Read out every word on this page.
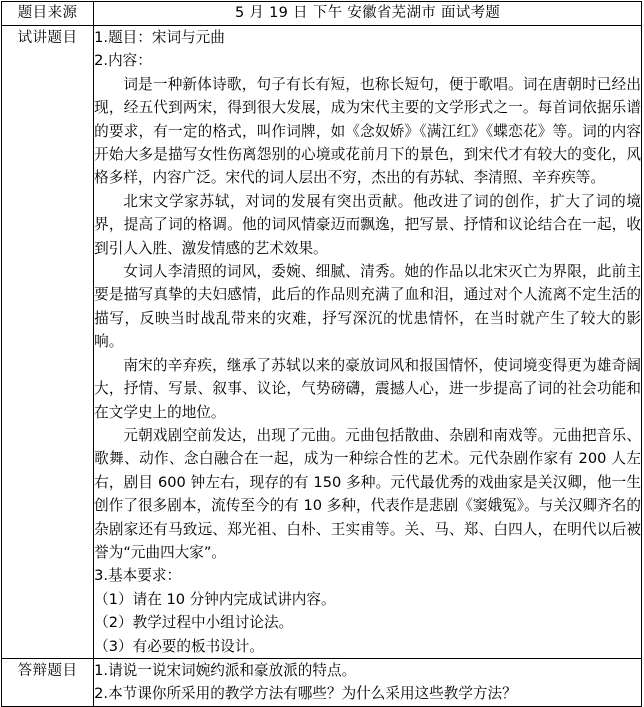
题目来源	5 月 19 日 下午 安徽省芜湖市 面试考题
试讲题目	1.题目：宋词与元曲

2.内容：

词是一种新体诗歌，句子有长有短，也称长短句，便于歌唱。词在唐朝时已经出现，经五代到两宋，得到很大发展，成为宋代主要的文学形式之一。每首词依据乐谱的要求，有一定的格式，叫作词牌，如《念奴娇》《满江红》《蝶恋花》等。词的内容开始大多是描写女性伤离怨别的心境或花前月下的景色，到宋代才有较大的变化，风格多样，内容广泛。宋代的词人层出不穷，杰出的有苏轼、李清照、辛弃疾等。

北宋文学家苏轼，对词的发展有突出贡献。他改进了词的创作，扩大了词的境界，提高了词的格调。他的词风情豪迈而飘逸，把写景、抒情和议论结合在一起，收到引人入胜、激发情感的艺术效果。

女词人李清照的词风，委婉、细腻、清秀。她的作品以北宋灭亡为界限，此前主要是描写真挚的夫妇感情，此后的作品则充满了血和泪，通过对个人流离不定生活的描写，反映当时战乱带来的灾难，抒写深沉的忧患情怀，在当时就产生了较大的影响。

南宋的辛弃疾，继承了苏轼以来的豪放词风和报国情怀，使词境变得更为雄奇阔大，抒情、写景、叙事、议论，气势磅礴，震撼人心，进一步提高了词的社会功能和在文学史上的地位。

元朝戏剧空前发达，出现了元曲。元曲包括散曲、杂剧和南戏等。元曲把音乐、歌舞、动作、念白融合在一起，成为一种综合性的艺术。元代杂剧作家有 200 人左右，剧目 600 钟左右，现存的有 150 多种。元代最优秀的戏曲家是关汉卿，他一生创作了很多剧本，流传至今的有 10 多种，代表作是悲剧《窦娥冤》。与关汉卿齐名的杂剧家还有马致远、郑光祖、白朴、王实甫等。关、马、郑、白四人，在明代以后被誉为“元曲四大家”。

3.基本要求：

（1）请在 10 分钟内完成试讲内容。

（2）教学过程中小组讨论法。

（3）有必要的板书设计。

答辩题目	1.请说一说宋词婉约派和豪放派的特点。

2.本节课你所采用的教学方法有哪些？为什么采用这些教学方法？
